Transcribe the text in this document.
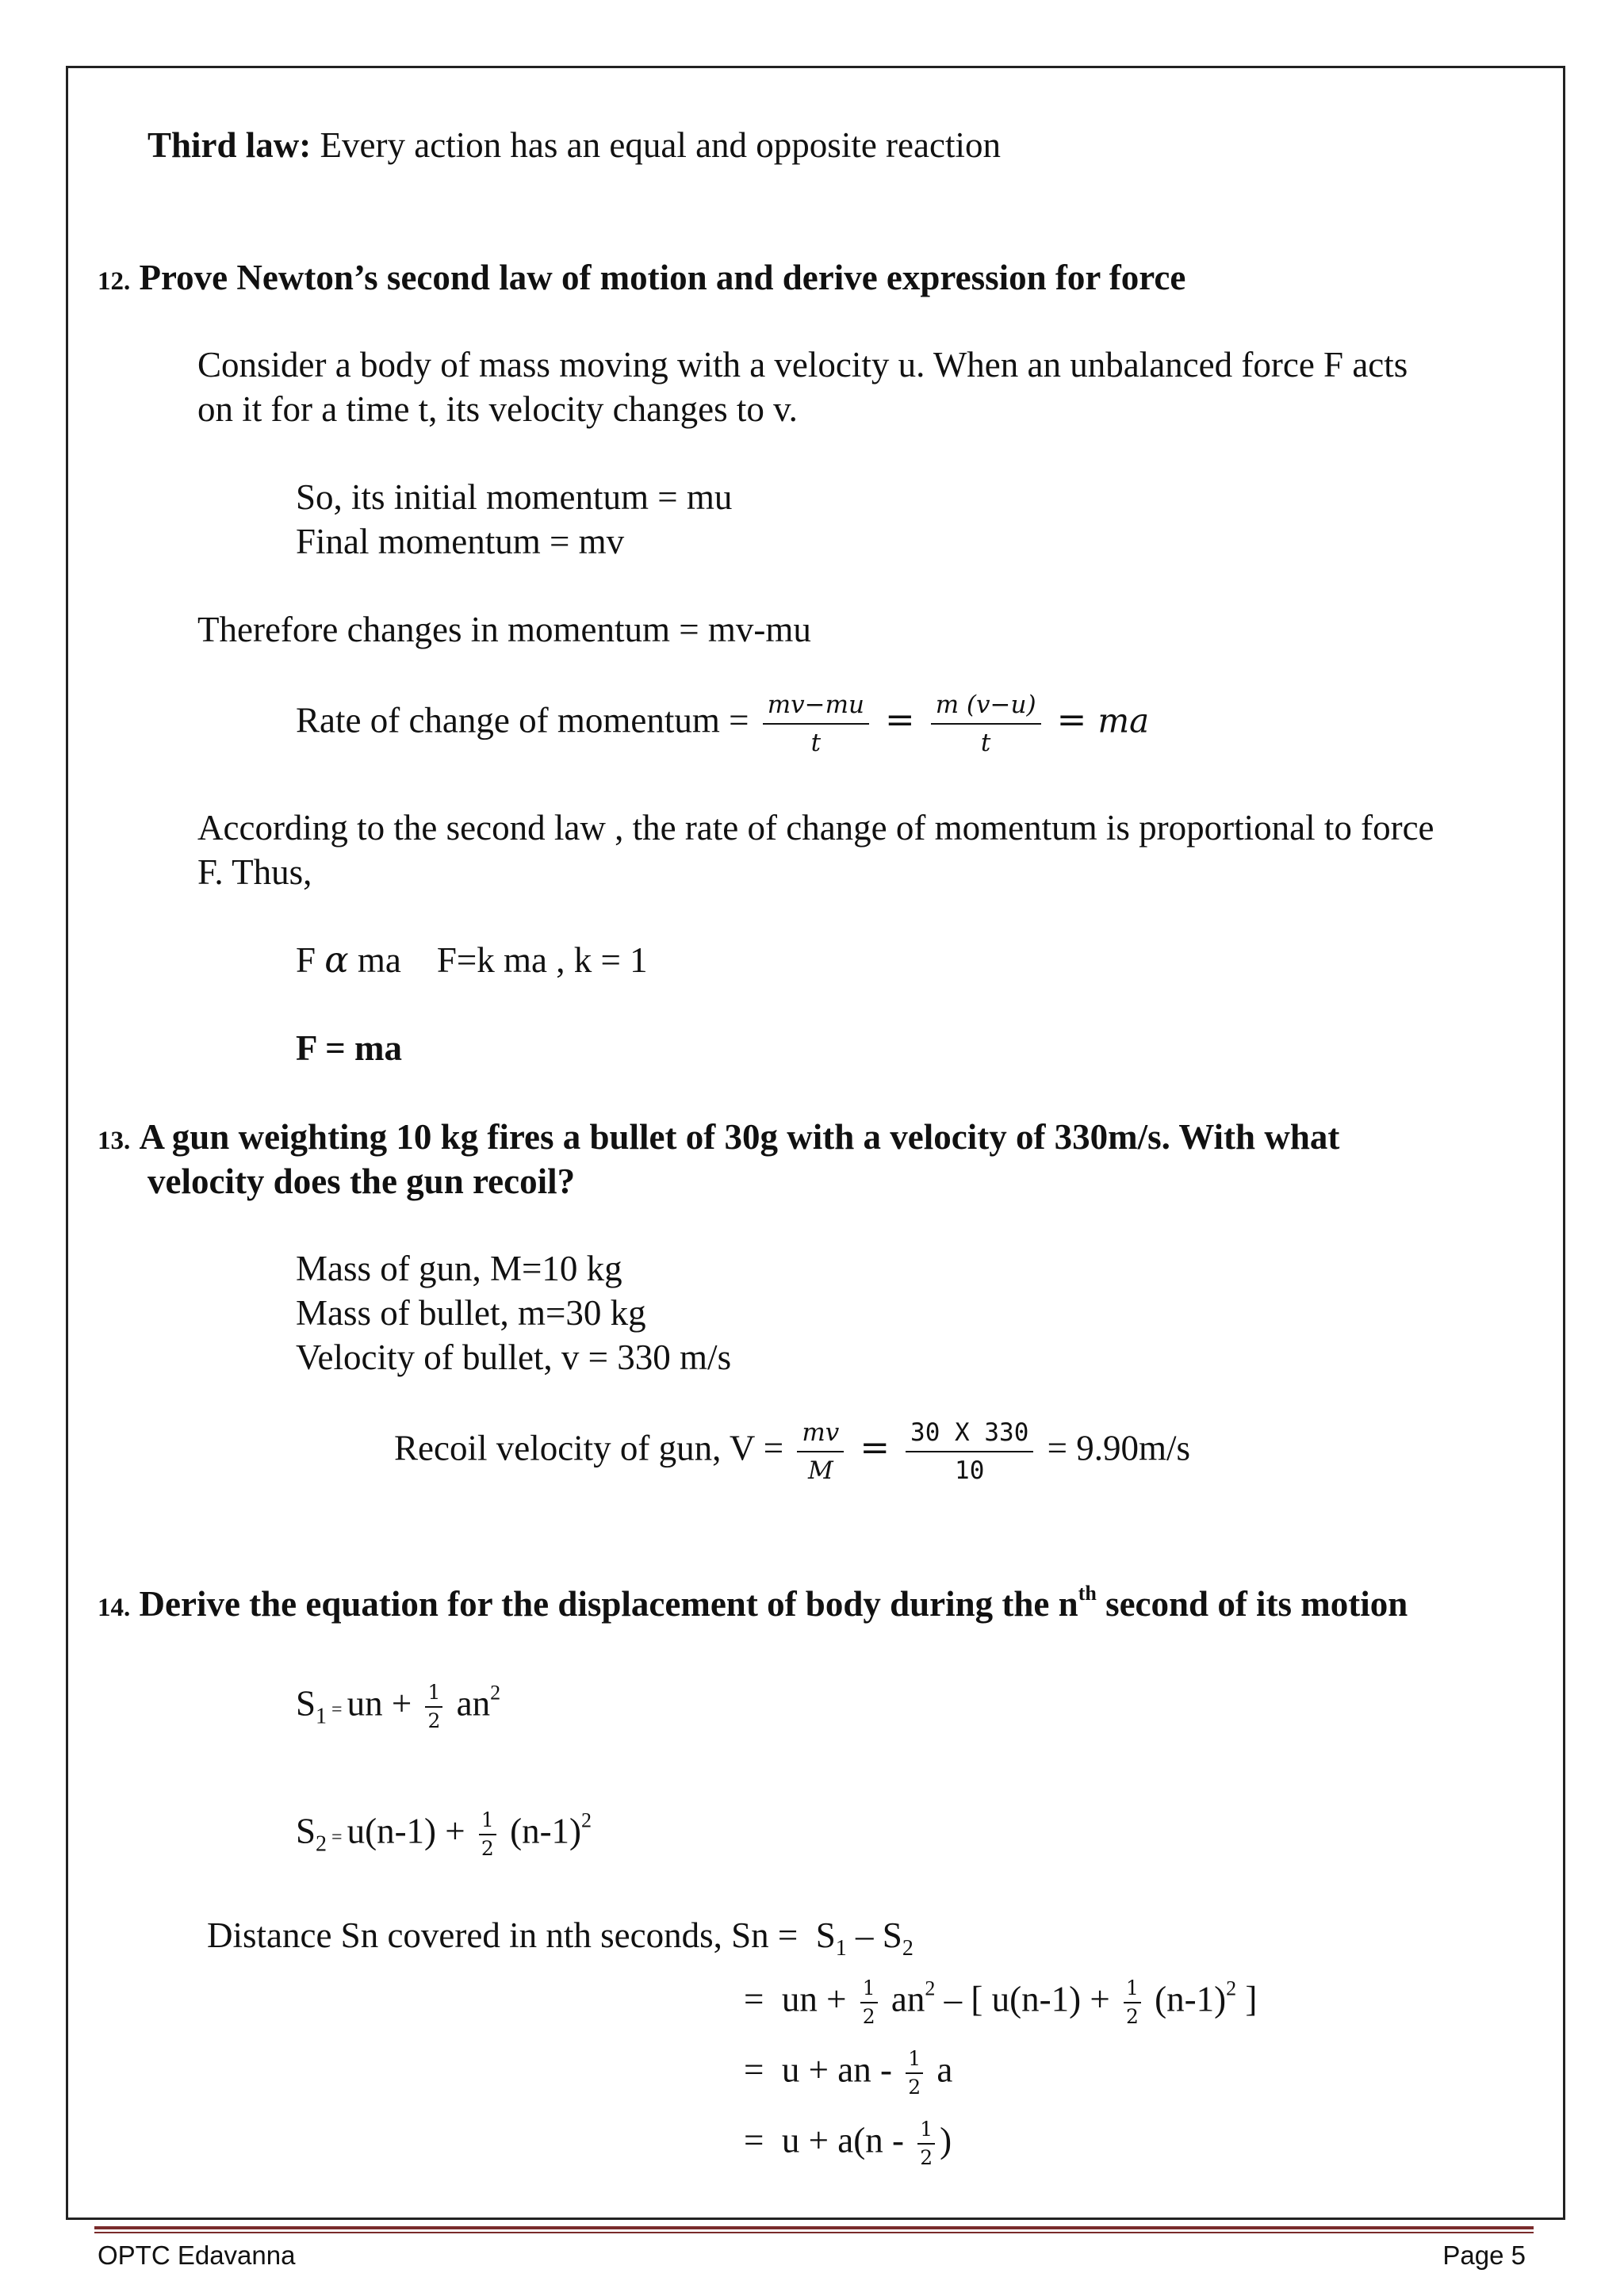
Third law: Every action has an equal and opposite reaction
12. Prove Newton’s second law of motion and derive expression for force
Consider a body of mass moving with a velocity u. When an unbalanced force F acts
on it for a time t, its velocity changes to v.
So, its initial momentum = mu
Final momentum = mv
Therefore changes in momentum = mv-mu
Rate of change of momentum = $\frac{mv-mu}{t} = \frac{m (v-u)}{t}$ = ma
According to the second law , the rate of change of momentum is proportional to force
F. Thus,
F α ma    F=k ma , k = 1
F = ma
13. A gun weighting 10 kg fires a bullet of 30g with a velocity of 330m/s. With what
velocity does the gun recoil?
Mass of gun, M=10 kg
Mass of bullet, m=30 kg
Velocity of bullet, v = 330 m/s
Recoil velocity of gun, $V = \frac{mv}{M} = \frac{30 X 330}{10} = 9.90m/s$
14. Derive the equation for the displacement of body during the $n^{th}$ second of its motion
$S_1$ = un + $\frac{1}{2} an^2$
$S_2 = u(n-1) + \frac{1}{2} (n-1)^2$
Distance Sn covered in nth seconds, $Sn = S_1 - S_2$
=  un + $\frac{1}{2} an^2$ – [ $u(n-1) + \frac{1}{2} (n-1)^2$ ]
=  u + an - $\frac{1}{2}$ a
=  $u + a(n - \frac{1}{2}$ )
OPTC Edavanna	Page 5
